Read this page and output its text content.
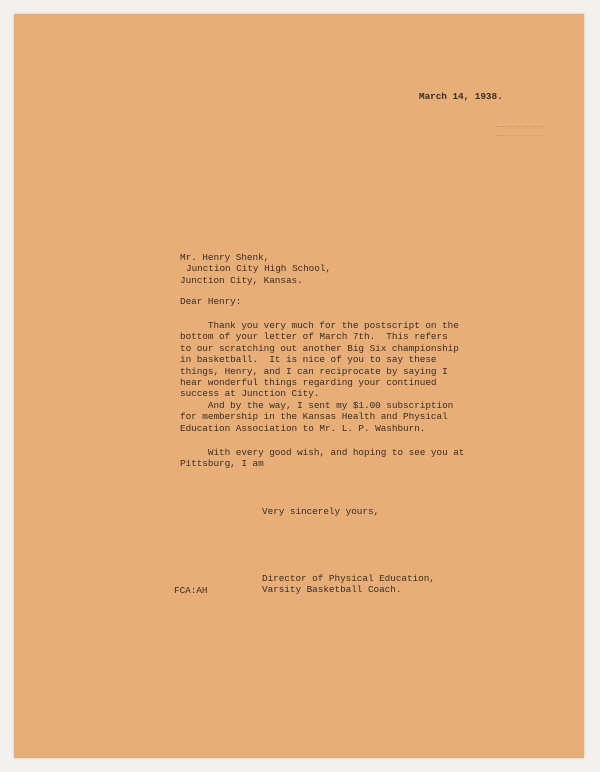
March 14, 1938.
Mr. Henry Shenk,
Junction City High School,
Junction City, Kansas.
Dear Henry:
Thank you very much for the postscript on the
bottom of your letter of March 7th.  This refers
to our scratching out another Big Six championship
in basketball.  It is nice of you to say these
things, Henry, and I can reciprocate by saying I
hear wonderful things regarding your continued
success at Junction City.
And by the way, I sent my $1.00 subscription
for membership in the Kansas Health and Physical
Education Association to Mr. L. P. Washburn.
With every good wish, and hoping to see you at
Pittsburg, I am
Very sincerely yours,
Director of Physical Education,
Varsity Basketball Coach.
FCA:AH
